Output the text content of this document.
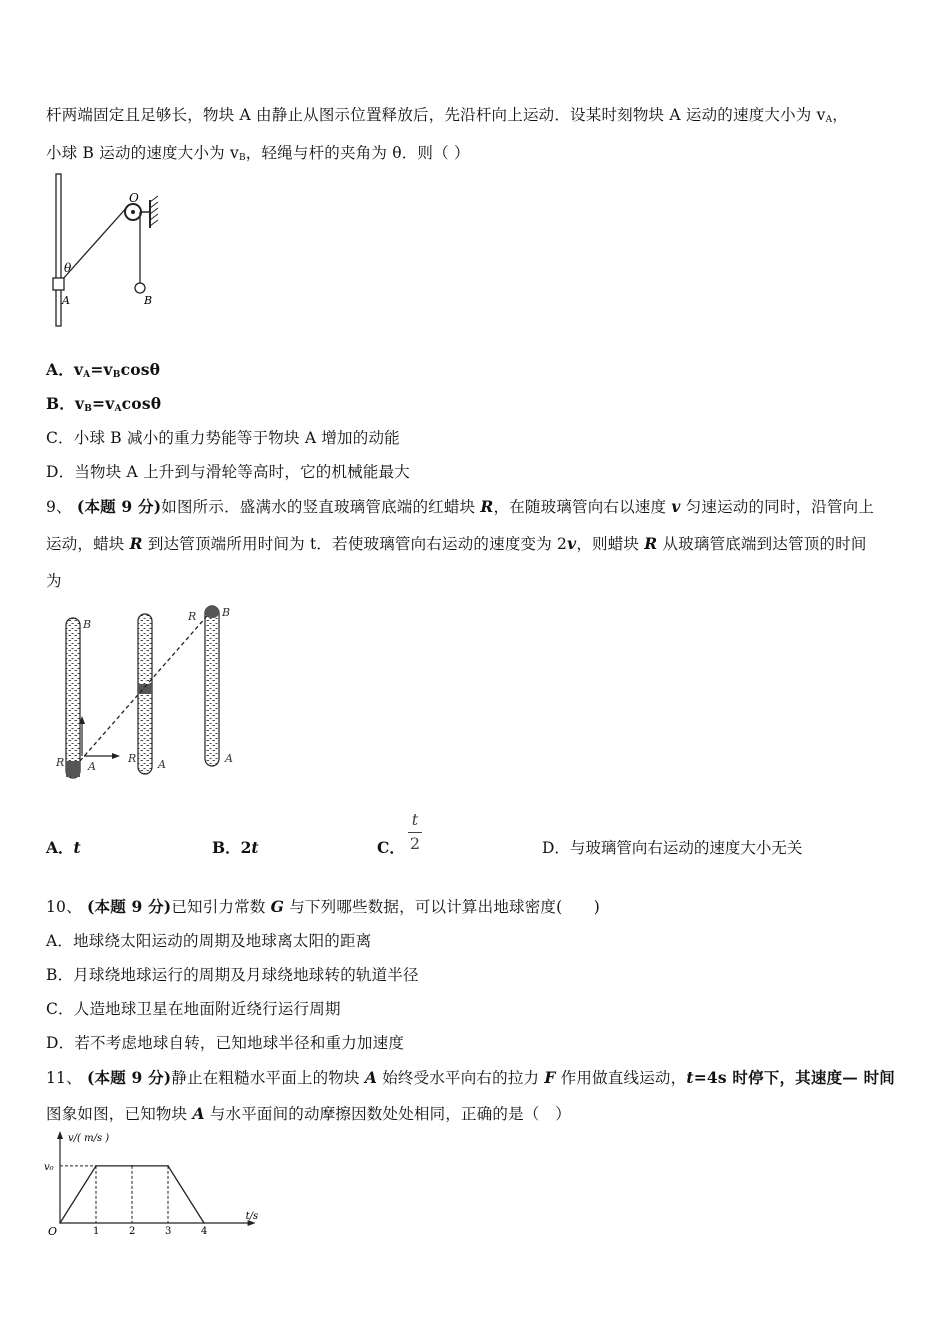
杆两端固定且足够长，物块 A 由静止从图示位置释放后，先沿杆向上运动．设某时刻物块 A 运动的速度大小为 $v_A$，
小球 B 运动的速度大小为 $v_B$，轻绳与杆的夹角为 θ．则（ ）
O
θ
A	B
A．$v_A=v_B\cos\theta$
B．$v_B=v_A\cos\theta$
C．小球 B 减小的重力势能等于物块 A 增加的动能
D．当物块 A 上升到与滑轮等高时，它的机械能最大
9、 (本题 9 分)如图所示．盛满水的竖直玻璃管底端的红蜡块 R，在随玻璃管向右以速度 v 匀速运动的同时，沿管向上
运动，蜡块 R 到达管顶端所用时间为 t．若使玻璃管向右运动的速度变为 2v，则蜡块 R 从玻璃管底端到达管顶的时间
为
B
R A
R A
R B
A
A．t	B．2t	C．
t
2	D．与玻璃管向右运动的速度大小无关
10、 (本题 9 分)已知引力常数 G 与下列哪些数据，可以计算出地球密度(　　)
A．地球绕太阳运动的周期及地球离太阳的距离
B．月球绕地球运行的周期及月球绕地球转的轨道半径
C．人造地球卫星在地面附近绕行运行周期
D．若不考虑地球自转，已知地球半径和重力加速度
11、 (本题 9 分)静止在粗糙水平面上的物块 A 始终受水平向右的拉力 F 作用做直线运动，t=4s 时停下，其速度— 时间
图象如图，已知物块 A 与水平面间的动摩擦因数处处相同，正确的是（　）
v/( m/s )
t/s
O
v₀
1	2	3	4
